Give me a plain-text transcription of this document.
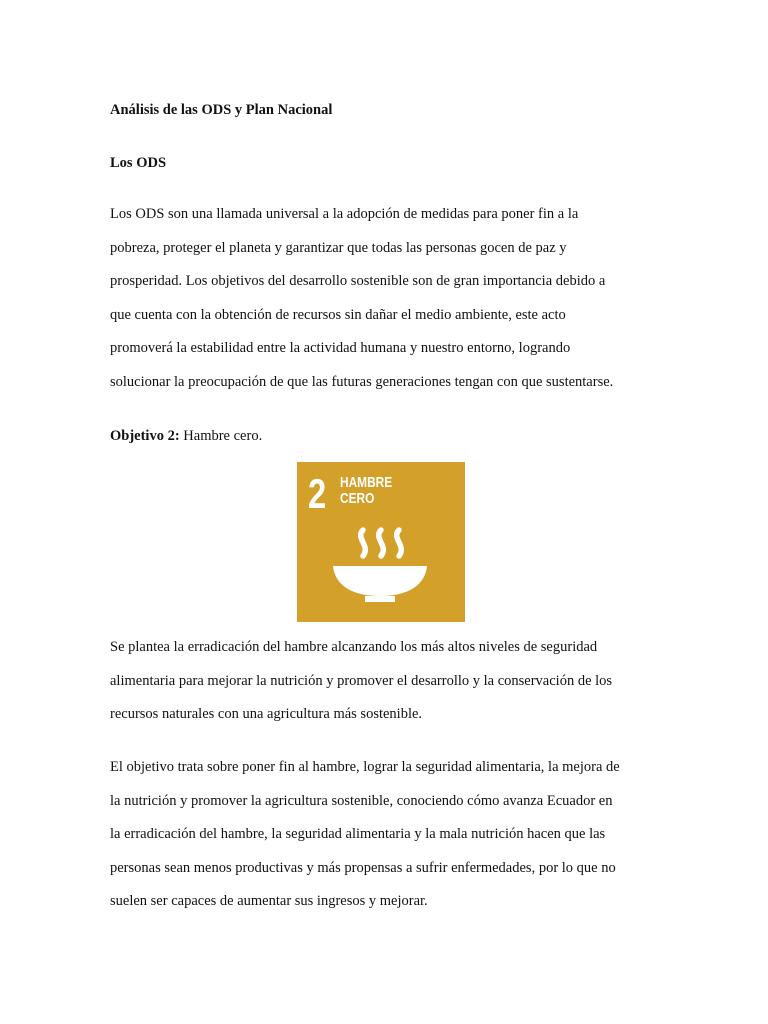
Análisis de las ODS y Plan Nacional
Los ODS
Los ODS son una llamada universal a la adopción de medidas para poner fin a la
pobreza, proteger el planeta y garantizar que todas las personas gocen de paz y
prosperidad. Los objetivos del desarrollo sostenible son de gran importancia debido a
que cuenta con la obtención de recursos sin dañar el medio ambiente, este acto
promoverá la estabilidad entre la actividad humana y nuestro entorno, logrando
solucionar la preocupación de que las futuras generaciones tengan con que sustentarse.
Objetivo 2: Hambre cero.
2 HAMBRE
CERO
Se plantea la erradicación del hambre alcanzando los más altos niveles de seguridad
alimentaria para mejorar la nutrición y promover el desarrollo y la conservación de los
recursos naturales con una agricultura más sostenible.
El objetivo trata sobre poner fin al hambre, lograr la seguridad alimentaria, la mejora de
la nutrición y promover la agricultura sostenible, conociendo cómo avanza Ecuador en
la erradicación del hambre, la seguridad alimentaria y la mala nutrición hacen que las
personas sean menos productivas y más propensas a sufrir enfermedades, por lo que no
suelen ser capaces de aumentar sus ingresos y mejorar.
